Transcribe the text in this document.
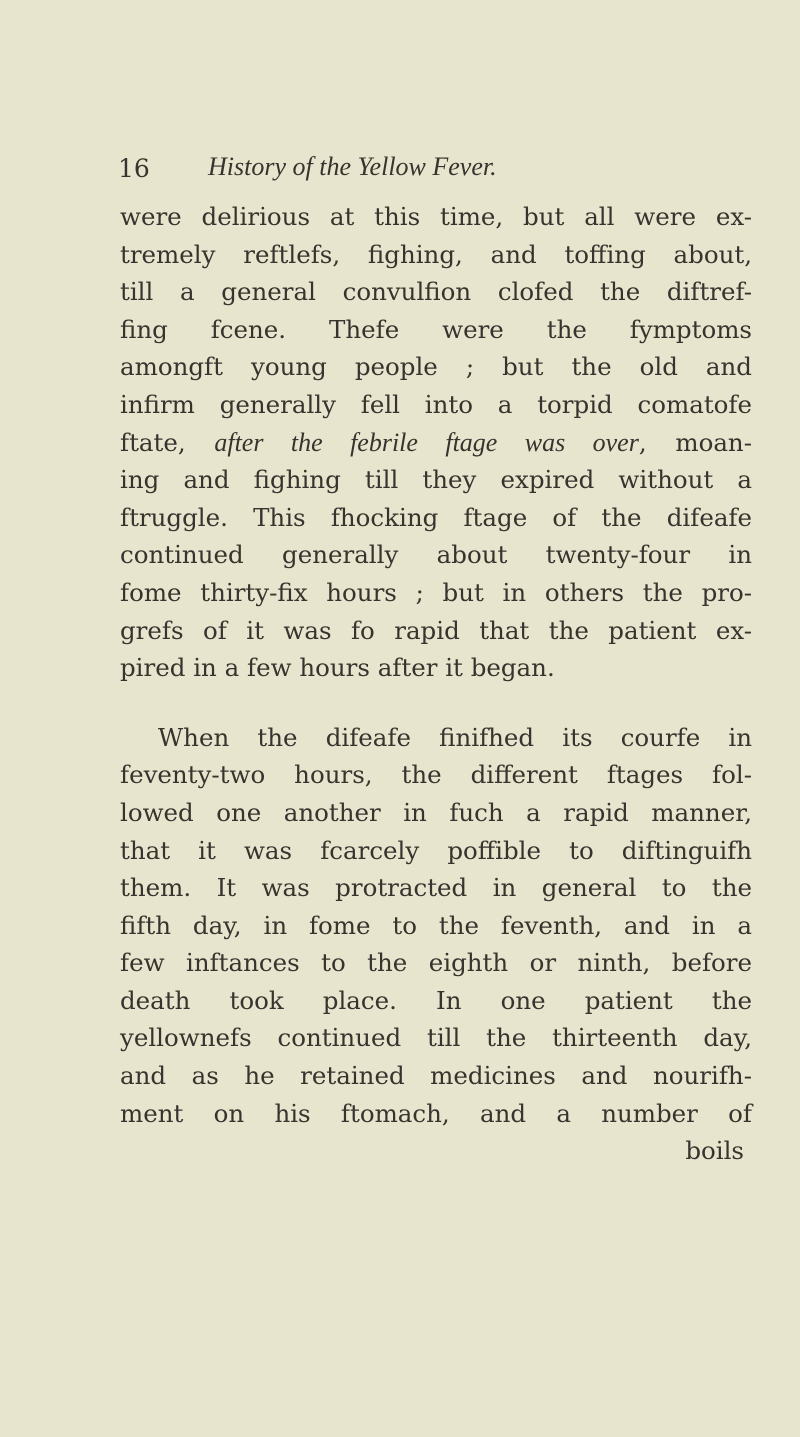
16 History of the Yellow Fever.
were delirious at this time, but all were ex-
tremely reftlefs, fighing, and toffing about,
till a general convulfion clofed the diftref-
fing fcene. Thefe were the fymptoms
amongft young people ; but the old and
infirm generally fell into a torpid comatofe
ftate, after the febrile ftage was over, moan-
ing and fighing till they expired without a
ftruggle. This fhocking ftage of the difeafe
continued generally about twenty-four in
fome thirty-fix hours ; but in others the pro-
grefs of it was fo rapid that the patient ex-
pired in a few hours after it began.
When the difeafe finifhed its courfe in
feventy-two hours, the different ftages fol-
lowed one another in fuch a rapid manner,
that it was fcarcely poffible to diftinguifh
them. It was protracted in general to the
fifth day, in fome to the feventh, and in a
few inftances to the eighth or ninth, before
death took place. In one patient the
yellownefs continued till the thirteenth day,
and as he retained medicines and nourifh-
ment on his ftomach, and a number of
boils
